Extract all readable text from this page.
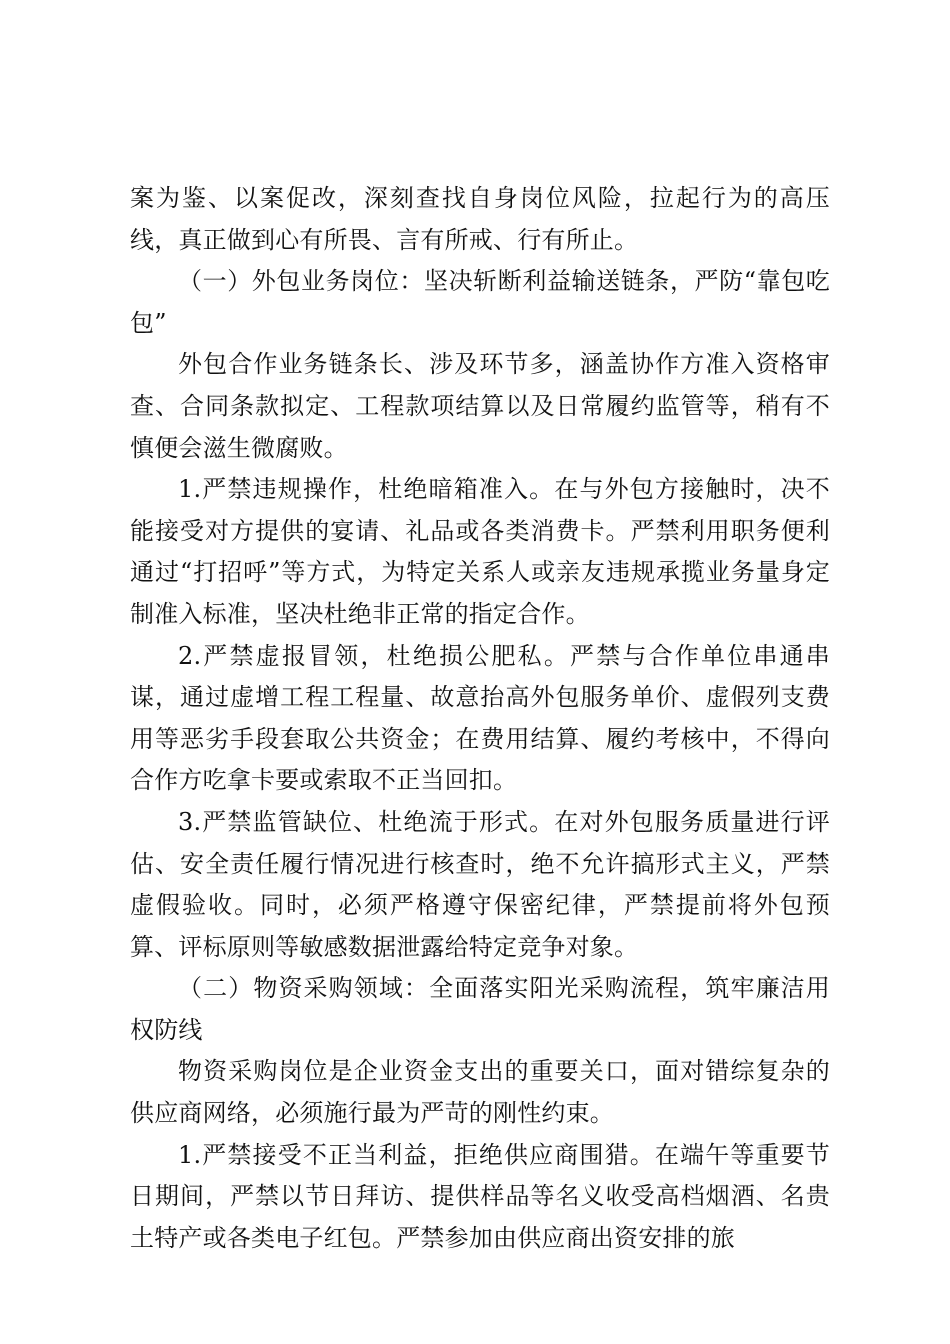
案为鉴、以案促改，深刻查找自身岗位风险，拉起行为的高压线，真正做到心有所畏、言有所戒、行有所止。

（一）外包业务岗位：坚决斩断利益输送链条，严防“靠包吃包”

外包合作业务链条长、涉及环节多，涵盖协作方准入资格审查、合同条款拟定、工程款项结算以及日常履约监管等，稍有不慎便会滋生微腐败。

1.严禁违规操作，杜绝暗箱准入。在与外包方接触时，决不能接受对方提供的宴请、礼品或各类消费卡。严禁利用职务便利通过“打招呼”等方式，为特定关系人或亲友违规承揽业务量身定制准入标准，坚决杜绝非正常的指定合作。

2.严禁虚报冒领，杜绝损公肥私。严禁与合作单位串通串谋，通过虚增工程工程量、故意抬高外包服务单价、虚假列支费用等恶劣手段套取公共资金；在费用结算、履约考核中，不得向合作方吃拿卡要或索取不正当回扣。

3.严禁监管缺位、杜绝流于形式。在对外包服务质量进行评估、安全责任履行情况进行核查时，绝不允许搞形式主义，严禁虚假验收。同时，必须严格遵守保密纪律，严禁提前将外包预算、评标原则等敏感数据泄露给特定竞争对象。

（二）物资采购领域：全面落实阳光采购流程，筑牢廉洁用权防线

物资采购岗位是企业资金支出的重要关口，面对错综复杂的供应商网络，必须施行最为严苛的刚性约束。

1.严禁接受不正当利益，拒绝供应商围猎。在端午等重要节日期间，严禁以节日拜访、提供样品等名义收受高档烟酒、名贵土特产或各类电子红包。严禁参加由供应商出资安排的旅
